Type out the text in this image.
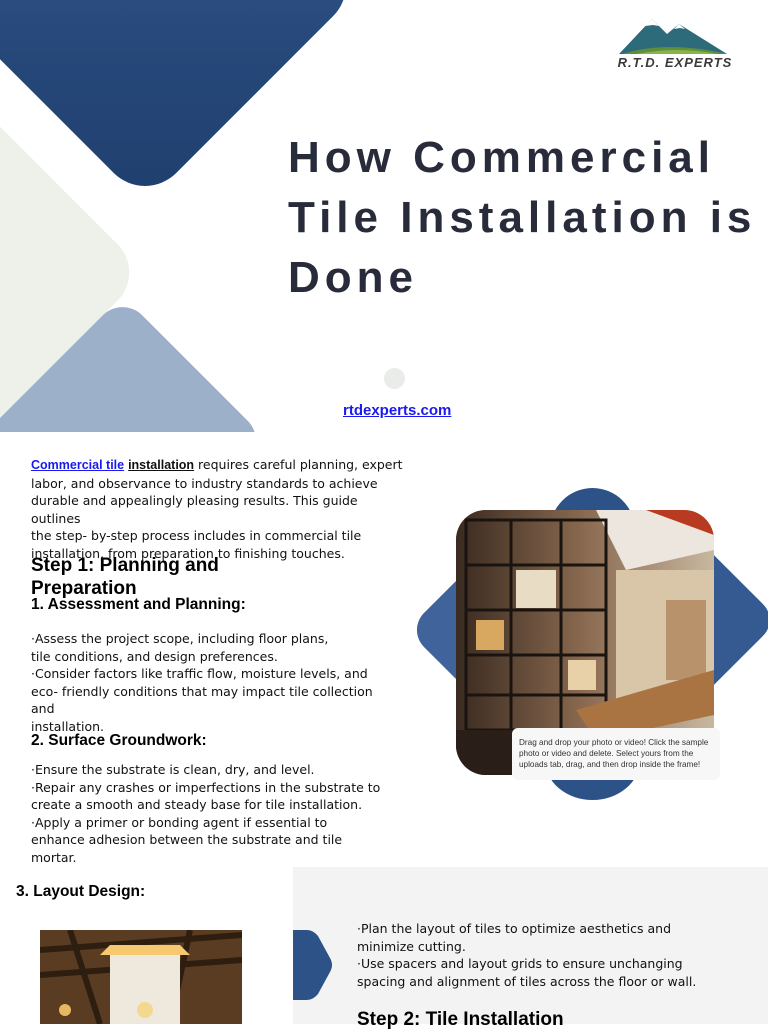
R.T.D. EXPERTS
How Commercial
Tile Installation is
Done
rtdexperts.com
Commercial tile installation requires careful planning, expert
labor, and observance to industry standards to achieve
durable and appealingly pleasing results. This guide outlines
the step- by-step process includes in commercial tile
installation, from preparation to finishing touches.
Step 1: Planning and
Preparation
1. Assessment and Planning:
·Assess the project scope, including floor plans,
tile conditions, and design preferences.
·Consider factors like traffic flow, moisture levels, and
eco- friendly conditions that may impact tile collection
and
installation.
2. Surface Groundwork:
·Ensure the substrate is clean, dry, and level.
·Repair any crashes or imperfections in the substrate to
create a smooth and steady base for tile installation.
·Apply a primer or bonding agent if essential to
enhance adhesion between the substrate and tile
mortar.
3. Layout Design:
·Plan the layout of tiles to optimize aesthetics and
minimize cutting.
·Use spacers and layout grids to ensure unchanging
spacing and alignment of tiles across the floor or wall.
Step 2: Tile Installation
Drag and drop your photo or video! Click the sample photo or video and delete. Select yours from the uploads tab, drag, and then drop inside the frame!
